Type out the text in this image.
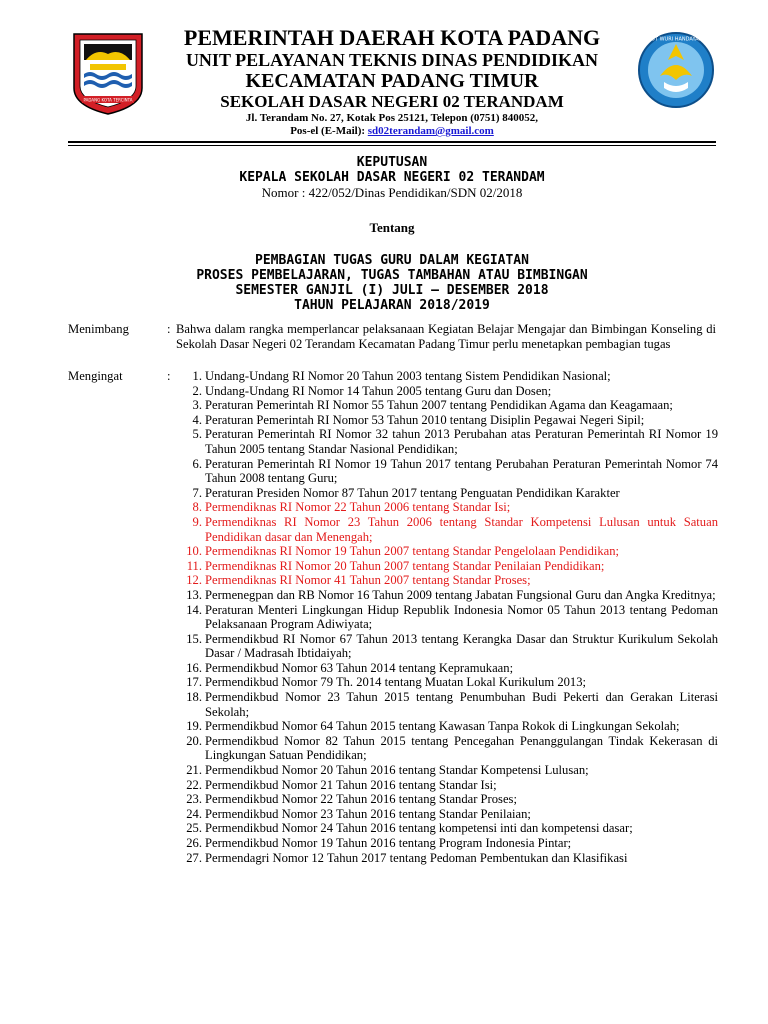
PADANG KOTA TERCINTA
PEMERINTAH DAERAH KOTA PADANG
UNIT PELAYANAN TEKNIS DINAS PENDIDIKAN
KECAMATAN PADANG TIMUR
SEKOLAH DASAR NEGERI 02 TERANDAM
Jl. Terandam No. 27, Kotak Pos 25121, Telepon (0751) 840052,
Pos-el (E-Mail): sd02terandam@gmail.com
TUT WURI HANDAYANI
KEPUTUSAN
KEPALA SEKOLAH DASAR NEGERI 02 TERANDAM
Nomor : 422/052/Dinas Pendidikan/SDN 02/2018
Tentang
PEMBAGIAN TUGAS GURU DALAM KEGIATAN
PROSES PEMBELAJARAN, TUGAS TAMBAHAN ATAU BIMBINGAN
SEMESTER GANJIL (I) JULI – DESEMBER 2018
TAHUN PELAJARAN 2018/2019
Menimbang	: Bahwa dalam rangka memperlancar pelaksanaan Kegiatan Belajar Mengajar dan Bimbingan Konseling di Sekolah Dasar Negeri 02 Terandam Kecamatan Padang Timur perlu menetapkan pembagian tugas
Mengingat	:	1. Undang-Undang RI Nomor 20 Tahun 2003 tentang Sistem Pendidikan Nasional;
2. Undang-Undang RI Nomor 14 Tahun 2005 tentang Guru dan Dosen;
3. Peraturan Pemerintah RI Nomor 55 Tahun 2007 tentang Pendidikan Agama dan Keagamaan;
4. Peraturan Pemerintah RI Nomor 53 Tahun 2010 tentang Disiplin Pegawai Negeri Sipil;
5. Peraturan Pemerintah RI Nomor 32 tahun 2013 Perubahan atas Peraturan Pemerintah RI Nomor 19 Tahun 2005 tentang Standar Nasional Pendidikan;
6. Peraturan Pemerintah RI Nomor 19 Tahun 2017 tentang Perubahan Peraturan Pemerintah Nomor 74 Tahun 2008 tentang Guru;
7. Peraturan Presiden Nomor 87 Tahun 2017 tentang Penguatan Pendidikan Karakter
8. Permendiknas RI Nomor 22 Tahun 2006 tentang Standar Isi;
9. Permendiknas RI Nomor 23 Tahun 2006 tentang Standar Kompetensi Lulusan untuk Satuan Pendidikan dasar dan Menengah;
10. Permendiknas RI Nomor 19 Tahun 2007 tentang Standar Pengelolaan Pendidikan;
11. Permendiknas RI Nomor 20 Tahun 2007 tentang Standar Penilaian Pendidikan;
12. Permendiknas RI Nomor 41 Tahun 2007 tentang Standar Proses;
13. Permenegpan dan RB Nomor 16 Tahun 2009 tentang Jabatan Fungsional Guru dan Angka Kreditnya;
14. Peraturan Menteri Lingkungan Hidup Republik Indonesia Nomor 05 Tahun 2013 tentang Pedoman Pelaksanaan Program Adiwiyata;
15. Permendikbud RI Nomor 67 Tahun 2013 tentang Kerangka Dasar dan Struktur Kurikulum Sekolah Dasar / Madrasah Ibtidaiyah;
16. Permendikbud Nomor 63 Tahun 2014 tentang Kepramukaan;
17. Permendikbud Nomor 79 Th. 2014 tentang Muatan Lokal Kurikulum 2013;
18. Permendikbud Nomor 23 Tahun 2015 tentang Penumbuhan Budi Pekerti dan Gerakan Literasi Sekolah;
19. Permendikbud Nomor 64 Tahun 2015 tentang Kawasan Tanpa Rokok di Lingkungan Sekolah;
20. Permendikbud Nomor 82 Tahun 2015 tentang Pencegahan Penanggulangan Tindak Kekerasan di Lingkungan Satuan Pendidikan;
21. Permendikbud Nomor 20 Tahun 2016 tentang Standar Kompetensi Lulusan;
22. Permendikbud Nomor 21 Tahun 2016 tentang Standar Isi;
23. Permendikbud Nomor 22 Tahun 2016 tentang Standar Proses;
24. Permendikbud Nomor 23 Tahun 2016 tentang Standar Penilaian;
25. Permendikbud Nomor 24 Tahun 2016 tentang kompetensi inti dan kompetensi dasar;
26. Permendikbud Nomor 19 Tahun 2016 tentang Program Indonesia Pintar;
27. Permendagri Nomor 12 Tahun 2017 tentang Pedoman Pembentukan dan Klasifikasi
